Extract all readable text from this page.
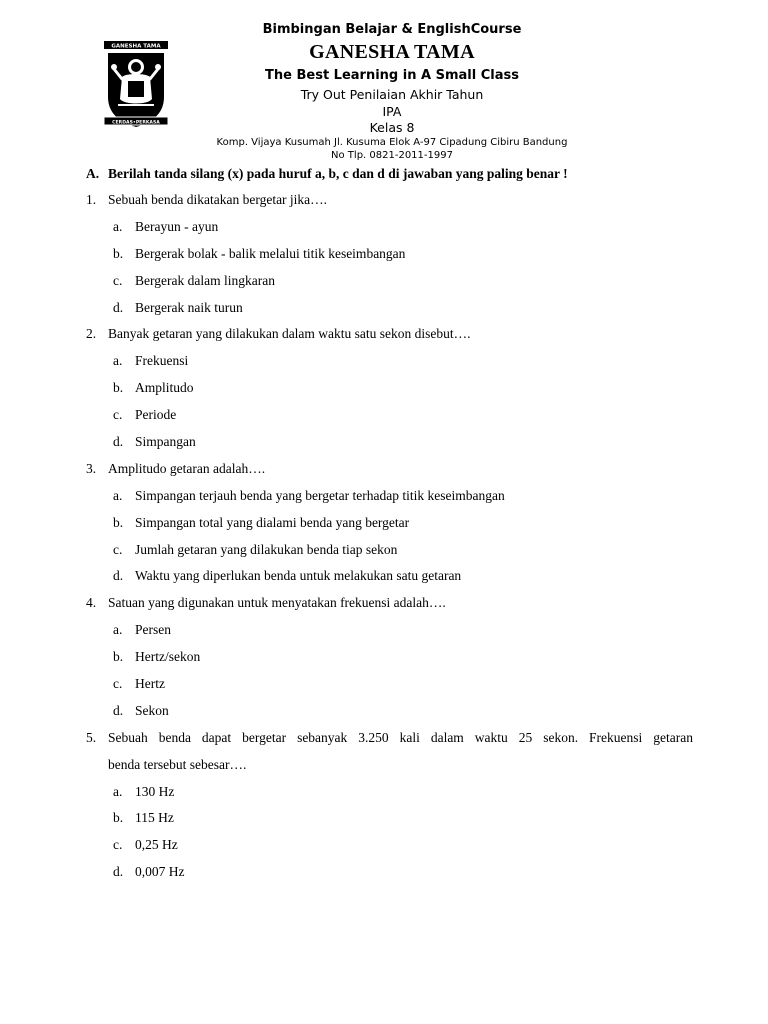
GANESHA TAMA
CERDAS•PERKASA
Bimbingan Belajar & EnglishCourse
GANESHA TAMA
The Best Learning in A Small Class
Try Out Penilaian Akhir Tahun
IPA
Kelas 8
Komp. Vijaya Kusumah Jl. Kusuma Elok A-97 Cipadung Cibiru Bandung
No Tlp. 0821-2011-1997
A. Berilah tanda silang (x) pada huruf a, b, c dan d di jawaban yang paling benar !
1. Sebuah benda dikatakan bergetar jika….
a. Berayun - ayun
b. Bergerak bolak - balik melalui titik keseimbangan
c. Bergerak dalam lingkaran
d. Bergerak naik turun
2. Banyak getaran yang dilakukan dalam waktu satu sekon disebut….
a. Frekuensi
b. Amplitudo
c. Periode
d. Simpangan
3. Amplitudo getaran adalah….
a. Simpangan terjauh benda yang bergetar terhadap titik keseimbangan
b. Simpangan total yang dialami benda yang bergetar
c. Jumlah getaran yang dilakukan benda tiap sekon
d. Waktu yang diperlukan benda untuk melakukan satu getaran
4. Satuan yang digunakan untuk menyatakan frekuensi adalah….
a. Persen
b. Hertz/sekon
c. Hertz
d. Sekon
5. Sebuah benda dapat bergetar sebanyak 3.250 kali dalam waktu 25 sekon. Frekuensi getaran
benda tersebut sebesar….
a. 130 Hz
b. 115 Hz
c. 0,25 Hz
d. 0,007 Hz
